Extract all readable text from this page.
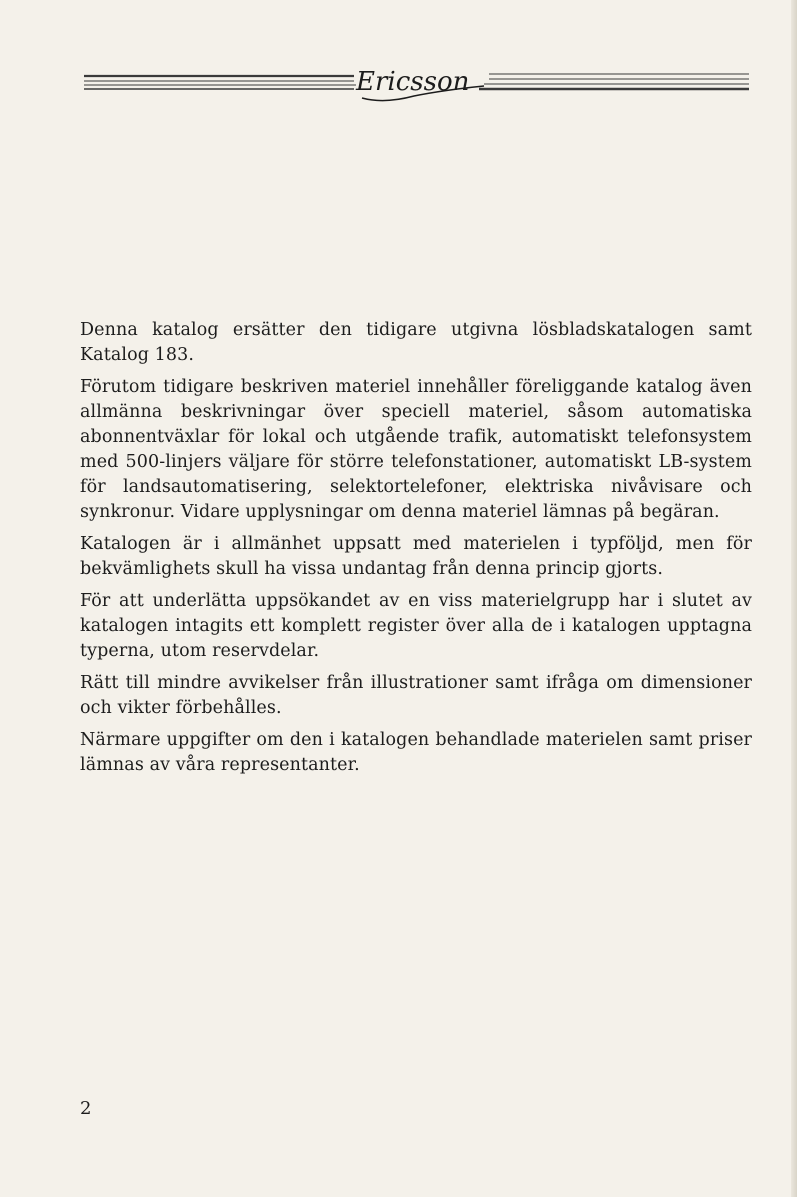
Ericsson

Denna katalog ersätter den tidigare utgivna lösbladskatalogen samt Katalog 183.

Förutom tidigare beskriven materiel innehåller föreliggande katalog även allmänna beskrivningar över speciell materiel, såsom automatiska abonnentväxlar för lokal och utgående trafik, automatiskt telefonsystem med 500-linjers väljare för större telefonstationer, automatiskt LB-system för landsautomatisering, selektortelefoner, elektriska nivåvisare och synkronur. Vidare upplysningar om denna materiel lämnas på begäran.

Katalogen är i allmänhet uppsatt med materielen i typföljd, men för bekvämlighets skull ha vissa undantag från denna princip gjorts.

För att underlätta uppsökandet av en viss materielgrupp har i slutet av katalogen intagits ett komplett register över alla de i katalogen upptagna typerna, utom reservdelar.

Rätt till mindre avvikelser från illustrationer samt ifråga om dimensioner och vikter förbehålles.

Närmare uppgifter om den i katalogen behandlade materielen samt priser lämnas av våra representanter.

2
